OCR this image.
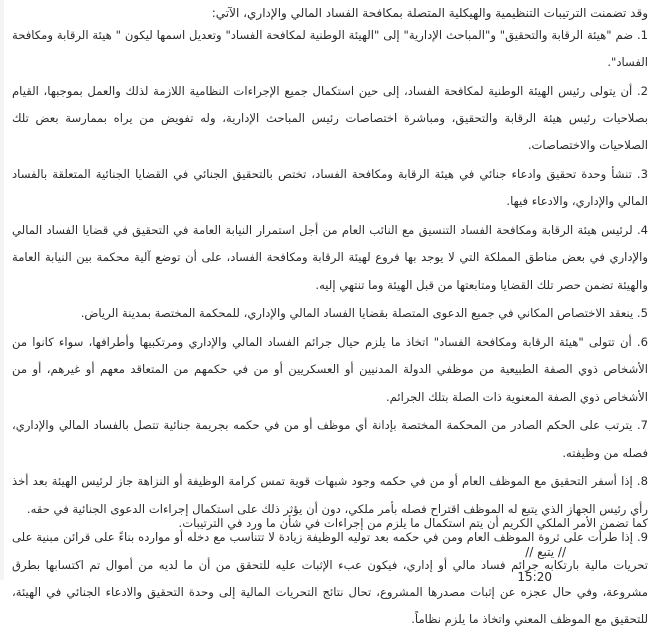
وقد تضمنت الترتيبات التنظيمية والهيكلية المتصلة بمكافحة الفساد المالي والإداري، الآتي:

1. ضم "هيئة الرقابة والتحقيق" و"المباحث الإدارية" إلى "الهيئة الوطنية لمكافحة الفساد" وتعديل اسمها ليكون " هيئة الرقابة ومكافحة الفساد".
2. أن يتولى رئيس الهيئة الوطنية لمكافحة الفساد، إلى حين استكمال جميع الإجراءات النظامية اللازمة لذلك والعمل بموجبها، القيام بصلاحيات رئيس هيئة الرقابة والتحقيق، ومباشرة اختصاصات رئيس المباحث الإدارية، وله تفويض من يراه بممارسة بعض تلك الصلاحيات والاختصاصات.
3. تنشأ وحدة تحقيق وادعاء جنائي في هيئة الرقابة ومكافحة الفساد، تختص بالتحقيق الجنائي في القضايا الجنائية المتعلقة بالفساد المالي والإداري، والادعاء فيها.
4. لرئيس هيئة الرقابة ومكافحة الفساد التنسيق مع النائب العام من أجل استمرار النيابة العامة في التحقيق في قضايا الفساد المالي والإداري في بعض مناطق المملكة التي لا يوجد بها فروع لهيئة الرقابة ومكافحة الفساد، على أن توضع آلية محكمة بين النيابة العامة والهيئة تضمن حصر تلك القضايا ومتابعتها من قبل الهيئة وما تنتهي إليه.
5. ينعقد الاختصاص المكاني في جميع الدعوى المتصلة بقضايا الفساد المالي والإداري، للمحكمة المختصة بمدينة الرياض.
6. أن تتولى "هيئة الرقابة ومكافحة الفساد" اتخاذ ما يلزم حيال جرائم الفساد المالي والإداري ومرتكبيها وأطرافها، سواء كانوا من الأشخاص ذوي الصفة الطبيعية من موظفي الدولة المدنيين أو العسكريين أو من في حكمهم من المتعاقد معهم أو غيرهم، أو من الأشخاص ذوي الصفة المعنوية ذات الصلة بتلك الجرائم.
7. يترتب على الحكم الصادر من المحكمة المختصة بإدانة أي موظف أو من في حكمه بجريمة جنائية تتصل بالفساد المالي والإداري، فصله من وظيفته.
8. إذا أسفر التحقيق مع الموظف العام أو من في حكمه وجود شبهات قوية تمس كرامة الوظيفة أو النزاهة جاز لرئيس الهيئة بعد أخذ رأي رئيس الجهاز الذي يتبع له الموظف اقتراح فصله بأمر ملكي، دون أن يؤثر ذلك على استكمال إجراءات الدعوى الجنائية في حقه.
9. إذا طرأت على ثروة الموظف العام ومن في حكمه بعد توليه الوظيفة زيادة لا تتناسب مع دخله أو موارده بناءً على قرائن مبنية على تحريات مالية بارتكابه جرائم فساد مالي أو إداري، فيكون عبء الإثبات عليه للتحقق من أن ما لديه من أموال تم اكتسابها بطرق مشروعة، وفي حال عجزه عن إثبات مصدرها المشروع، تحال نتائج التحريات المالية إلى وحدة التحقيق والادعاء الجنائي في الهيئة، للتحقيق مع الموظف المعني واتخاذ ما يلزم نظاماً.

كما تضمن الأمر الملكي الكريم أن يتم استكمال ما يلزم من إجراءات في شأن ما ورد في الترتيبات.

// يتبع //

15:20
